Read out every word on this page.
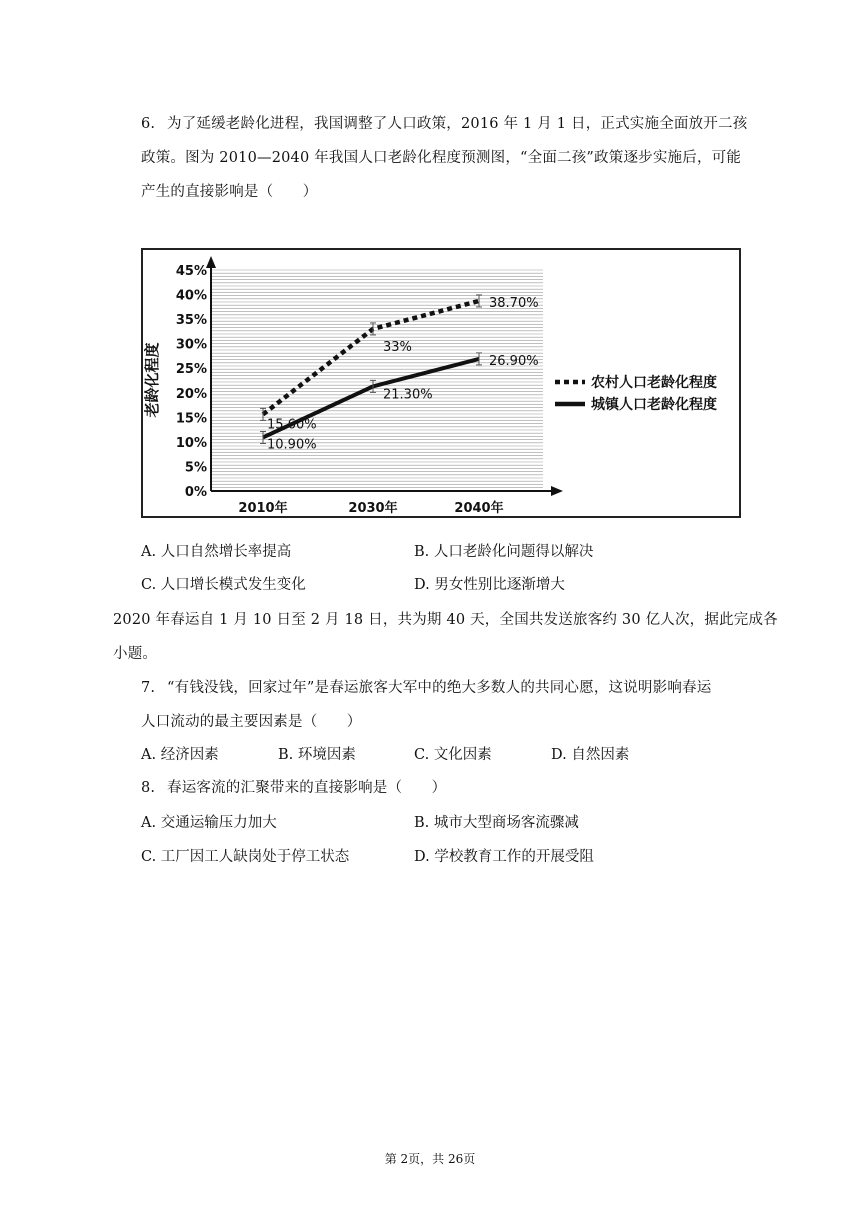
6. 为了延缓老龄化进程，我国调整了人口政策，2016 年 1 月 1 日，正式实施全面放开二孩
政策。图为 2010—2040 年我国人口老龄化程度预测图，“全面二孩”政策逐步实施后，可能
产生的直接影响是（　　）
0%
5%
10%
15%
20%
25%
30%
35%
40%
45%
老龄化程度
2010年	2030年	2040年
15.60%
33%
38.70%
10.90%
21.30%
26.90%
农村人口老龄化程度
城镇人口老龄化程度
A. 人口自然增长率提高	B. 人口老龄化问题得以解决
C. 人口增长模式发生变化	D. 男女性别比逐渐增大
2020 年春运自 1 月 10 日至 2 月 18 日，共为期 40 天，全国共发送旅客约 30 亿人次，据此完成各
小题。
7. “有钱没钱，回家过年”是春运旅客大军中的绝大多数人的共同心愿，这说明影响春运
人口流动的最主要因素是（　　）
A. 经济因素	B. 环境因素	C. 文化因素	D. 自然因素
8. 春运客流的汇聚带来的直接影响是（　　）
A. 交通运输压力加大	B. 城市大型商场客流骤减
C. 工厂因工人缺岗处于停工状态	D. 学校教育工作的开展受阻
第 2页，共 26页
